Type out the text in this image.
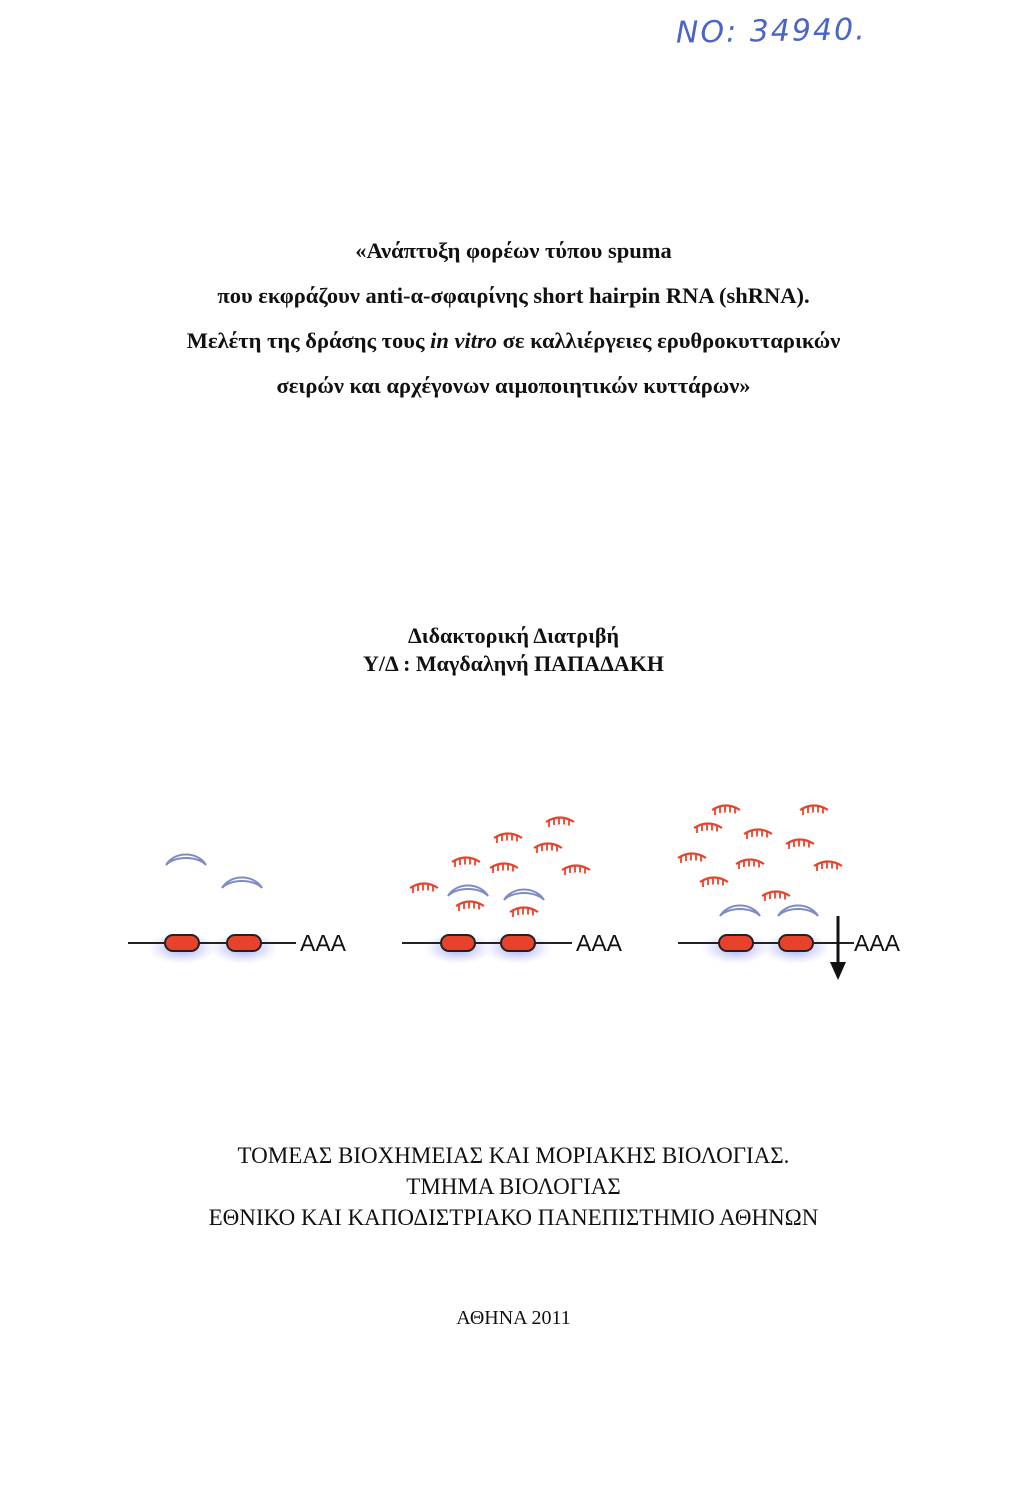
ΝΟ: 34940.
«Ανάπτυξη φορέων τύπου spuma
που εκφράζουν anti-α-σφαιρίνης short hairpin RNA (shRNA).
Μελέτη της δράσης τους in vitro σε καλλιέργειες ερυθροκυτταρικών
σειρών και αρχέγονων αιμοποιητικών κυττάρων»
Διδακτορική Διατριβή
Υ/Δ : Μαγδαληνή ΠΑΠΑΔΑΚΗ
AAA	AAA	AAA
ΤΟΜΕΑΣ ΒΙΟΧΗΜΕΙΑΣ ΚΑΙ ΜΟΡΙΑΚΗΣ ΒΙΟΛΟΓΙΑΣ.
ΤΜΗΜΑ ΒΙΟΛΟΓΙΑΣ
ΕΘΝΙΚΟ ΚΑΙ ΚΑΠΟΔΙΣΤΡΙΑΚΟ ΠΑΝΕΠΙΣΤΗΜΙΟ ΑΘΗΝΩΝ
ΑΘΗΝΑ 2011
